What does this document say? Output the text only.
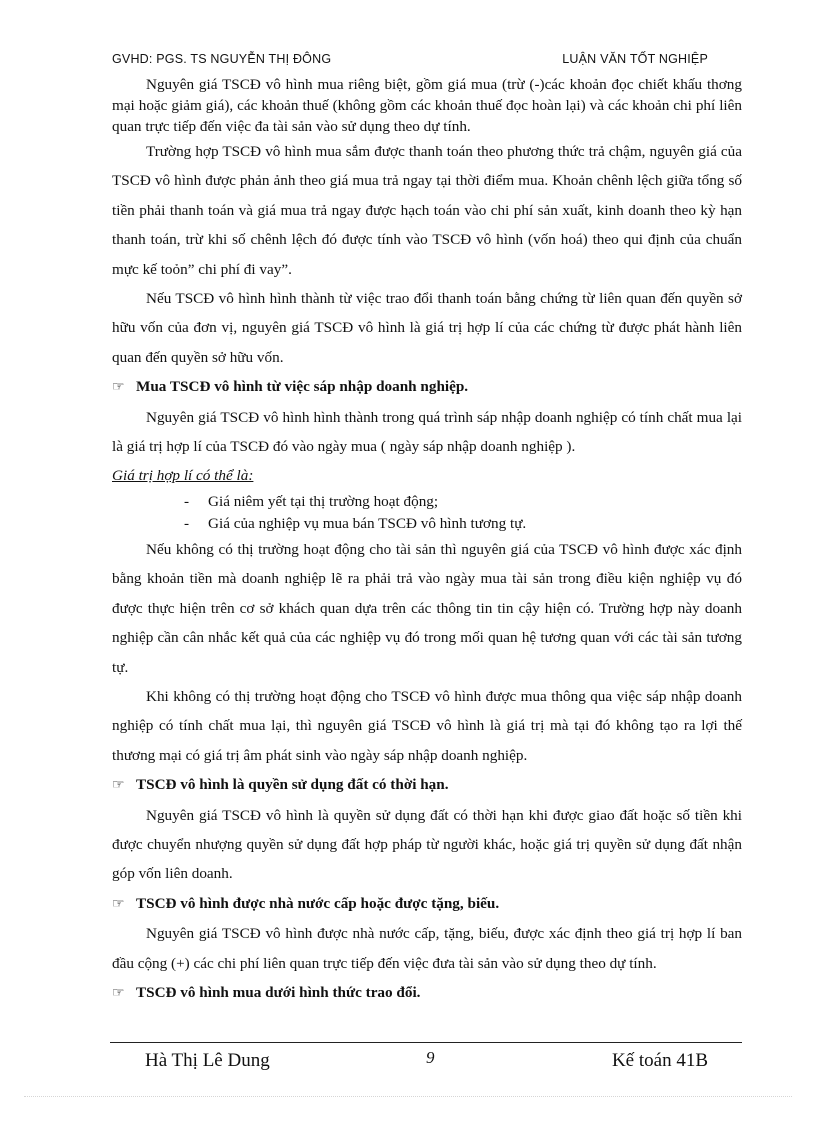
GVHD: PGS. TS NGUYỄN THỊ ĐÔNG	LUẬN VĂN TỐT NGHIỆP

Nguyên giá TSCĐ vô hình mua riêng biệt, gồm giá mua (trừ (-)các khoản đọc chiết khấu thơng mại hoặc giảm giá), các khoản thuế (không gồm các khoản thuế đọc hoàn lại) và các khoản chi phí liên quan trực tiếp đến việc đa tài sản vào sử dụng theo dự tính.

Trường hợp TSCĐ vô hình mua sắm được thanh toán theo phương thức trả chậm, nguyên giá của TSCĐ vô hình được phản ảnh theo giá mua trả ngay tại thời điểm mua. Khoản chênh lệch giữa tổng số tiền phải thanh toán và giá mua trả ngay được hạch toán vào chi phí sản xuất, kinh doanh theo kỳ hạn thanh toán, trừ khi số chênh lệch đó được tính vào TSCĐ vô hình (vốn hoá) theo qui định của chuẩn mực kế toỏn” chi phí đi vay”.

Nếu TSCĐ vô hình hình thành từ việc trao đổi thanh toán bằng chứng từ liên quan đến quyền sở hữu vốn của đơn vị, nguyên giá TSCĐ vô hình là giá trị hợp lí của các chứng từ được phát hành liên quan đến quyền sở hữu vốn.

☞ Mua TSCĐ vô hình từ việc sáp nhập doanh nghiệp.

Nguyên giá TSCĐ vô hình hình thành trong quá trình sáp nhập doanh nghiệp có tính chất mua lại là giá trị hợp lí của TSCĐ đó vào ngày mua ( ngày sáp nhập doanh nghiệp ).

Giá trị hợp lí có thể là:
- Giá niêm yết tại thị trường hoạt động;
- Giá của nghiệp vụ mua bán TSCĐ vô hình tương tự.

Nếu không có thị trường hoạt động cho tài sản thì nguyên giá của TSCĐ vô hình được xác định bằng khoản tiền mà doanh nghiệp lẽ ra phải trả vào ngày mua tài sản trong điều kiện nghiệp vụ đó được thực hiện trên cơ sở khách quan dựa trên các thông tin tin cậy hiện có. Trường hợp này doanh nghiệp cần cân nhắc kết quả của các nghiệp vụ đó trong mối quan hệ tương quan với các tài sản tương tự.

Khi không có thị trường hoạt động cho TSCĐ vô hình được mua thông qua việc sáp nhập doanh nghiệp có tính chất mua lại, thì nguyên giá TSCĐ vô hình là giá trị mà tại đó không tạo ra lợi thế thương mại có giá trị âm phát sinh vào ngày sáp nhập doanh nghiệp.

☞ TSCĐ vô hình là quyền sử dụng đất có thời hạn.

Nguyên giá TSCĐ vô hình là quyền sử dụng đất có thời hạn khi được giao đất hoặc số tiền khi được chuyển nhượng quyền sử dụng đất hợp pháp từ người khác, hoặc giá trị quyền sử dụng đất nhận góp vốn liên doanh.

☞ TSCĐ vô hình được nhà nước cấp hoặc được tặng, biếu.

Nguyên giá TSCĐ vô hình được nhà nước cấp, tặng, biếu, được xác định theo giá trị hợp lí ban đầu cộng (+) các chi phí liên quan trực tiếp đến việc đưa tài sản vào sử dụng theo dự tính.

☞ TSCĐ vô hình mua dưới hình thức trao đổi.
Hà Thị Lê Dung	9	Kế toán 41B
